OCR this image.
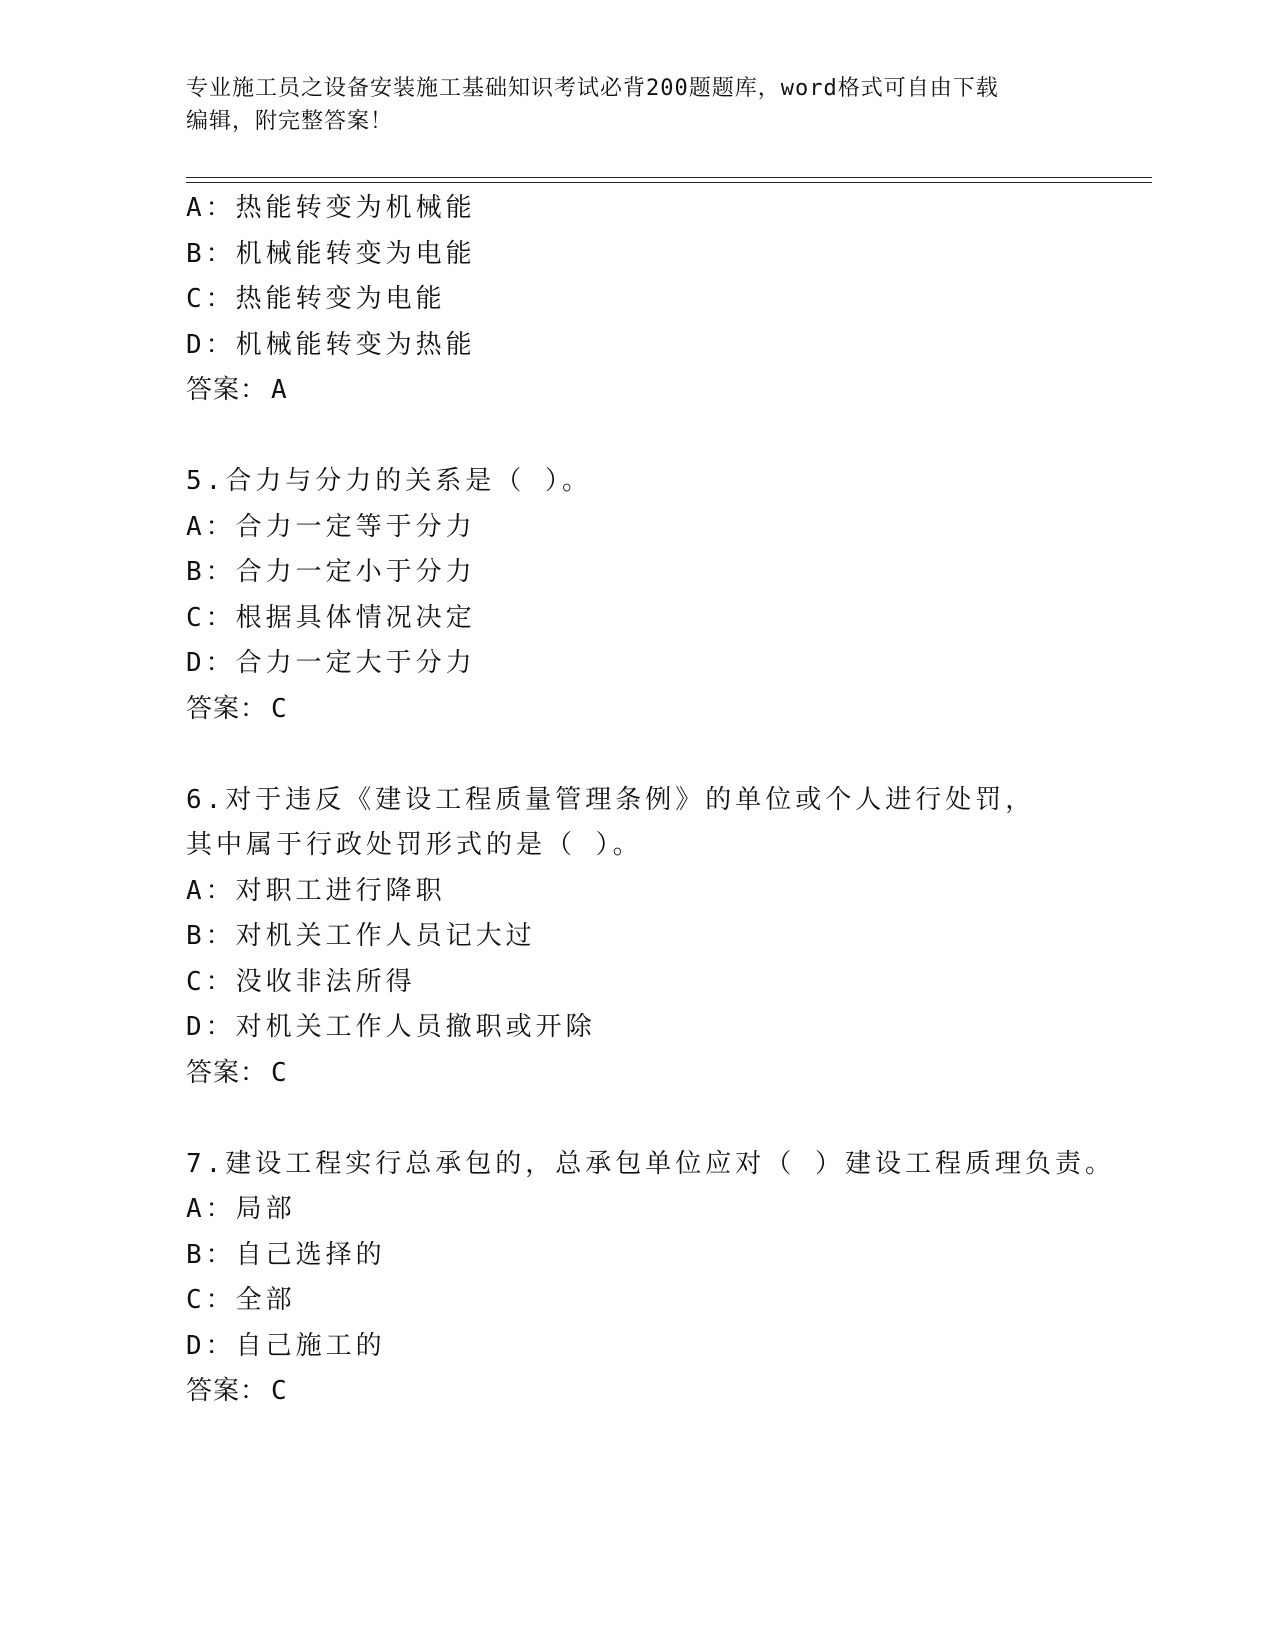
专业施工员之设备安装施工基础知识考试必背200题题库，word格式可自由下载
编辑，附完整答案！
A：热能转变为机械能
B：机械能转变为电能
C：热能转变为电能
D：机械能转变为热能
答案： A
5.合力与分力的关系是（ ）。
A：合力一定等于分力
B：合力一定小于分力
C：根据具体情况决定
D：合力一定大于分力
答案： C
6.对于违反《建设工程质量管理条例》的单位或个人进行处罚，其中属于行政处罚形式的是（ ）。
A：对职工进行降职
B：对机关工作人员记大过
C：没收非法所得
D：对机关工作人员撤职或开除
答案： C
7.建设工程实行总承包的，总承包单位应对（ ）建设工程质理负责。
A：局部
B：自己选择的
C：全部
D：自己施工的
答案： C
